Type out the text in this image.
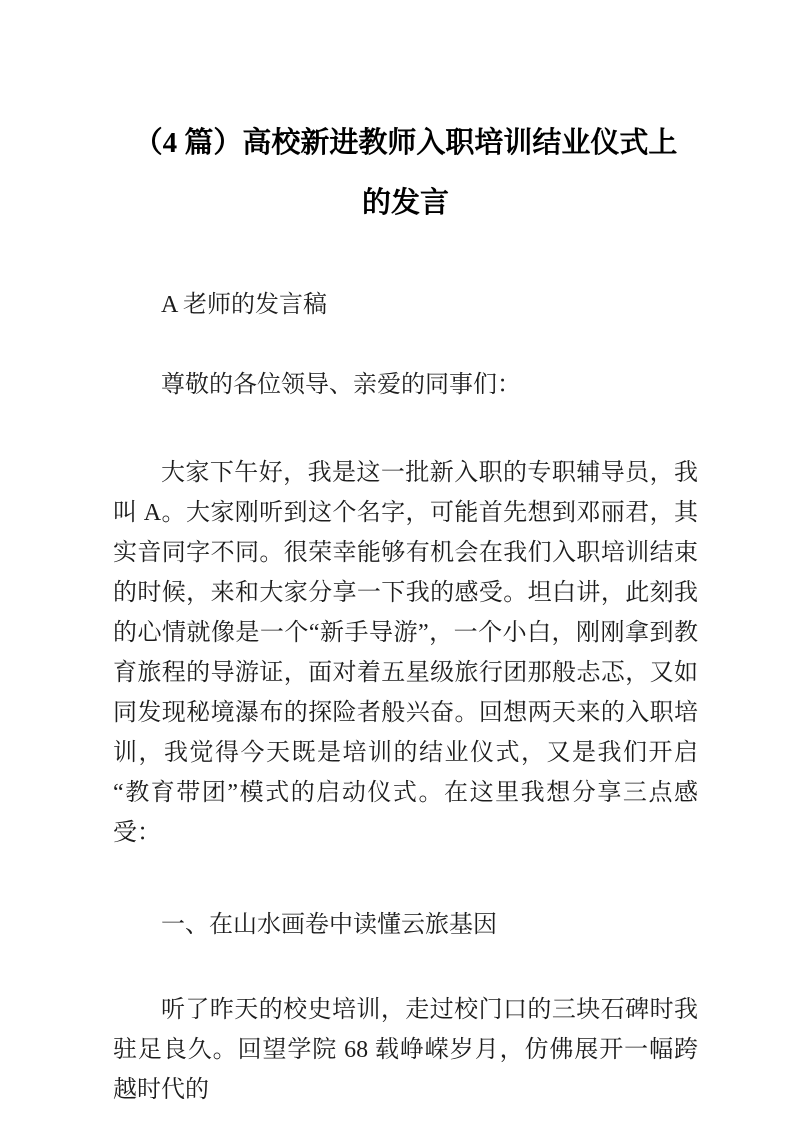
（4 篇）高校新进教师入职培训结业仪式上的发言

A 老师的发言稿

尊敬的各位领导、亲爱的同事们：

大家下午好，我是这一批新入职的专职辅导员，我叫 A。大家刚听到这个名字，可能首先想到邓丽君，其实音同字不同。很荣幸能够有机会在我们入职培训结束的时候，来和大家分享一下我的感受。坦白讲，此刻我的心情就像是一个“新手导游”，一个小白，刚刚拿到教育旅程的导游证，面对着五星级旅行团那般忐忑，又如同发现秘境瀑布的探险者般兴奋。回想两天来的入职培训，我觉得今天既是培训的结业仪式，又是我们开启“教育带团”模式的启动仪式。在这里我想分享三点感受：

一、在山水画卷中读懂云旅基因

听了昨天的校史培训，走过校门口的三块石碑时我驻足良久。回望学院 68 载峥嵘岁月，仿佛展开一幅跨越时代的
